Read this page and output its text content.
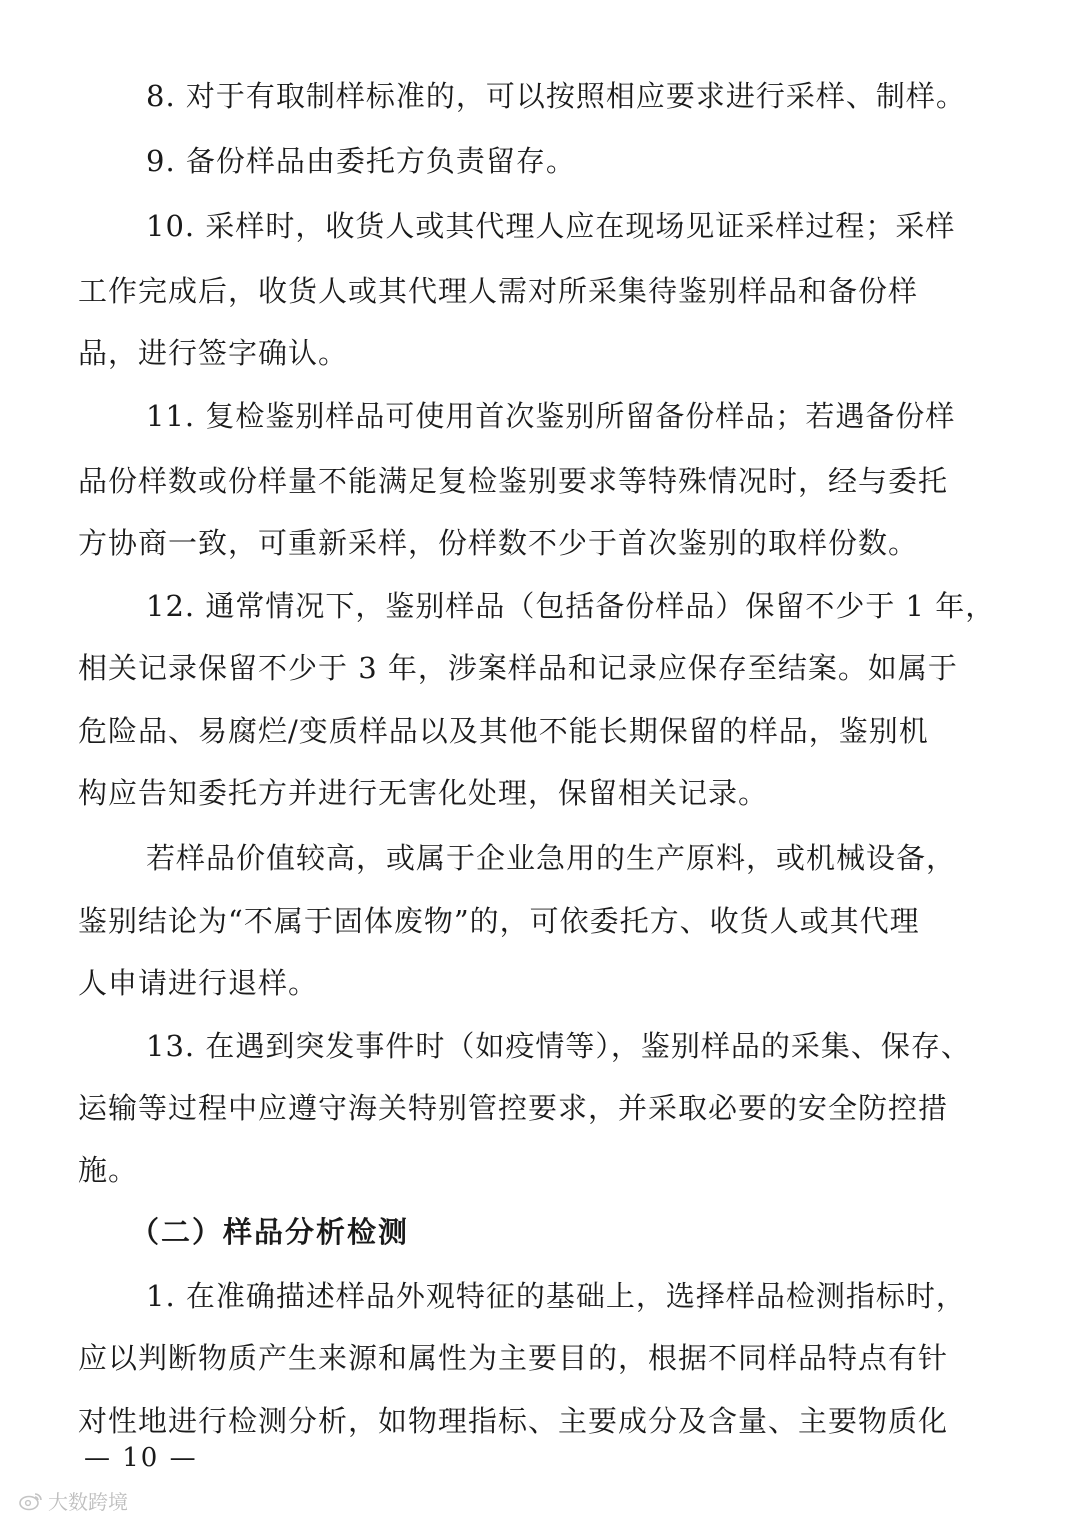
8. 对于有取制样标准的，可以按照相应要求进行采样、制样。
9. 备份样品由委托方负责留存。
10. 采样时，收货人或其代理人应在现场见证采样过程；采样
工作完成后，收货人或其代理人需对所采集待鉴别样品和备份样
品，进行签字确认。
11. 复检鉴别样品可使用首次鉴别所留备份样品；若遇备份样
品份样数或份样量不能满足复检鉴别要求等特殊情况时，经与委托
方协商一致，可重新采样，份样数不少于首次鉴别的取样份数。
12. 通常情况下，鉴别样品（包括备份样品）保留不少于 1 年，
相关记录保留不少于 3 年，涉案样品和记录应保存至结案。如属于
危险品、易腐烂/变质样品以及其他不能长期保留的样品，鉴别机
构应告知委托方并进行无害化处理，保留相关记录。
若样品价值较高，或属于企业急用的生产原料，或机械设备，
鉴别结论为“不属于固体废物”的，可依委托方、收货人或其代理
人申请进行退样。
13. 在遇到突发事件时（如疫情等），鉴别样品的采集、保存、
运输等过程中应遵守海关特别管控要求，并采取必要的安全防控措
施。
（二）样品分析检测
1. 在准确描述样品外观特征的基础上，选择样品检测指标时，
应以判断物质产生来源和属性为主要目的，根据不同样品特点有针
对性地进行检测分析，如物理指标、主要成分及含量、主要物质化
— 10 —
大数跨境
